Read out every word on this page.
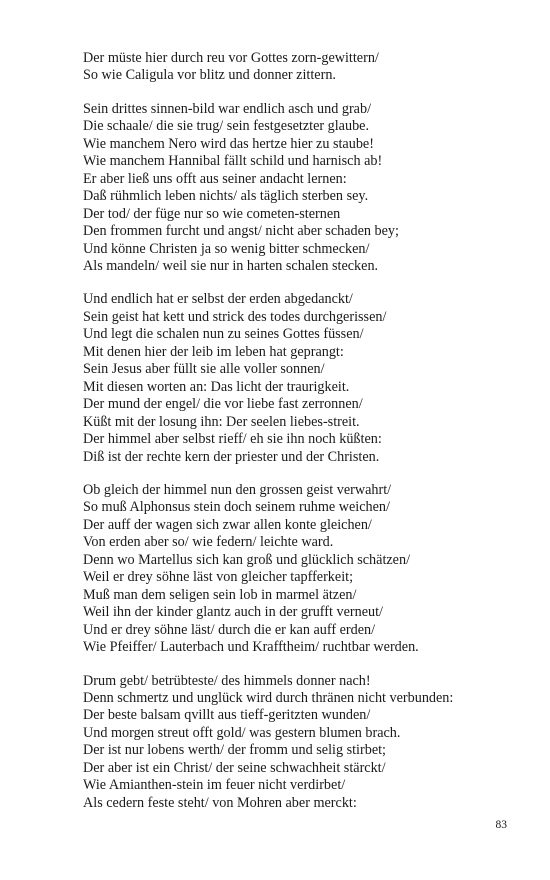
Der müste hier durch reu vor Gottes zorn-gewittern/
So wie Caligula vor blitz und donner zittern.
Sein drittes sinnen-bild war endlich asch und grab/
Die schaale/ die sie trug/ sein festgesetzter glaube.
Wie manchem Nero wird das hertze hier zu staube!
Wie manchem Hannibal fällt schild und harnisch ab!
Er aber ließ uns offt aus seiner andacht lernen:
Daß rühmlich leben nichts/ als täglich sterben sey.
Der tod/ der füge nur so wie cometen-sternen
Den frommen furcht und angst/ nicht aber schaden bey;
Und könne Christen ja so wenig bitter schmecken/
Als mandeln/ weil sie nur in harten schalen stecken.
Und endlich hat er selbst der erden abgedanckt/
Sein geist hat kett und strick des todes durchgerissen/
Und legt die schalen nun zu seines Gottes füssen/
Mit denen hier der leib im leben hat geprangt:
Sein Jesus aber füllt sie alle voller sonnen/
Mit diesen worten an: Das licht der traurigkeit.
Der mund der engel/ die vor liebe fast zerronnen/
Küßt mit der losung ihn: Der seelen liebes-streit.
Der himmel aber selbst rieff/ eh sie ihn noch küßten:
Diß ist der rechte kern der priester und der Christen.
Ob gleich der himmel nun den grossen geist verwahrt/
So muß Alphonsus stein doch seinem ruhme weichen/
Der auff der wagen sich zwar allen konte gleichen/
Von erden aber so/ wie federn/ leichte ward.
Denn wo Martellus sich kan groß und glücklich schätzen/
Weil er drey söhne läst von gleicher tapfferkeit;
Muß man dem seligen sein lob in marmel ätzen/
Weil ihn der kinder glantz auch in der grufft verneut/
Und er drey söhne läst/ durch die er kan auff erden/
Wie Pfeiffer/ Lauterbach und Krafftheim/ ruchtbar werden.
Drum gebt/ betrübteste/ des himmels donner nach!
Denn schmertz und unglück wird durch thränen nicht verbunden:
Der beste balsam qvillt aus tieff-geritzten wunden/
Und morgen streut offt gold/ was gestern blumen brach.
Der ist nur lobens werth/ der fromm und selig stirbet;
Der aber ist ein Christ/ der seine schwachheit stärckt/
Wie Amianthen-stein im feuer nicht verdirbet/
Als cedern feste steht/ von Mohren aber merckt:
83
